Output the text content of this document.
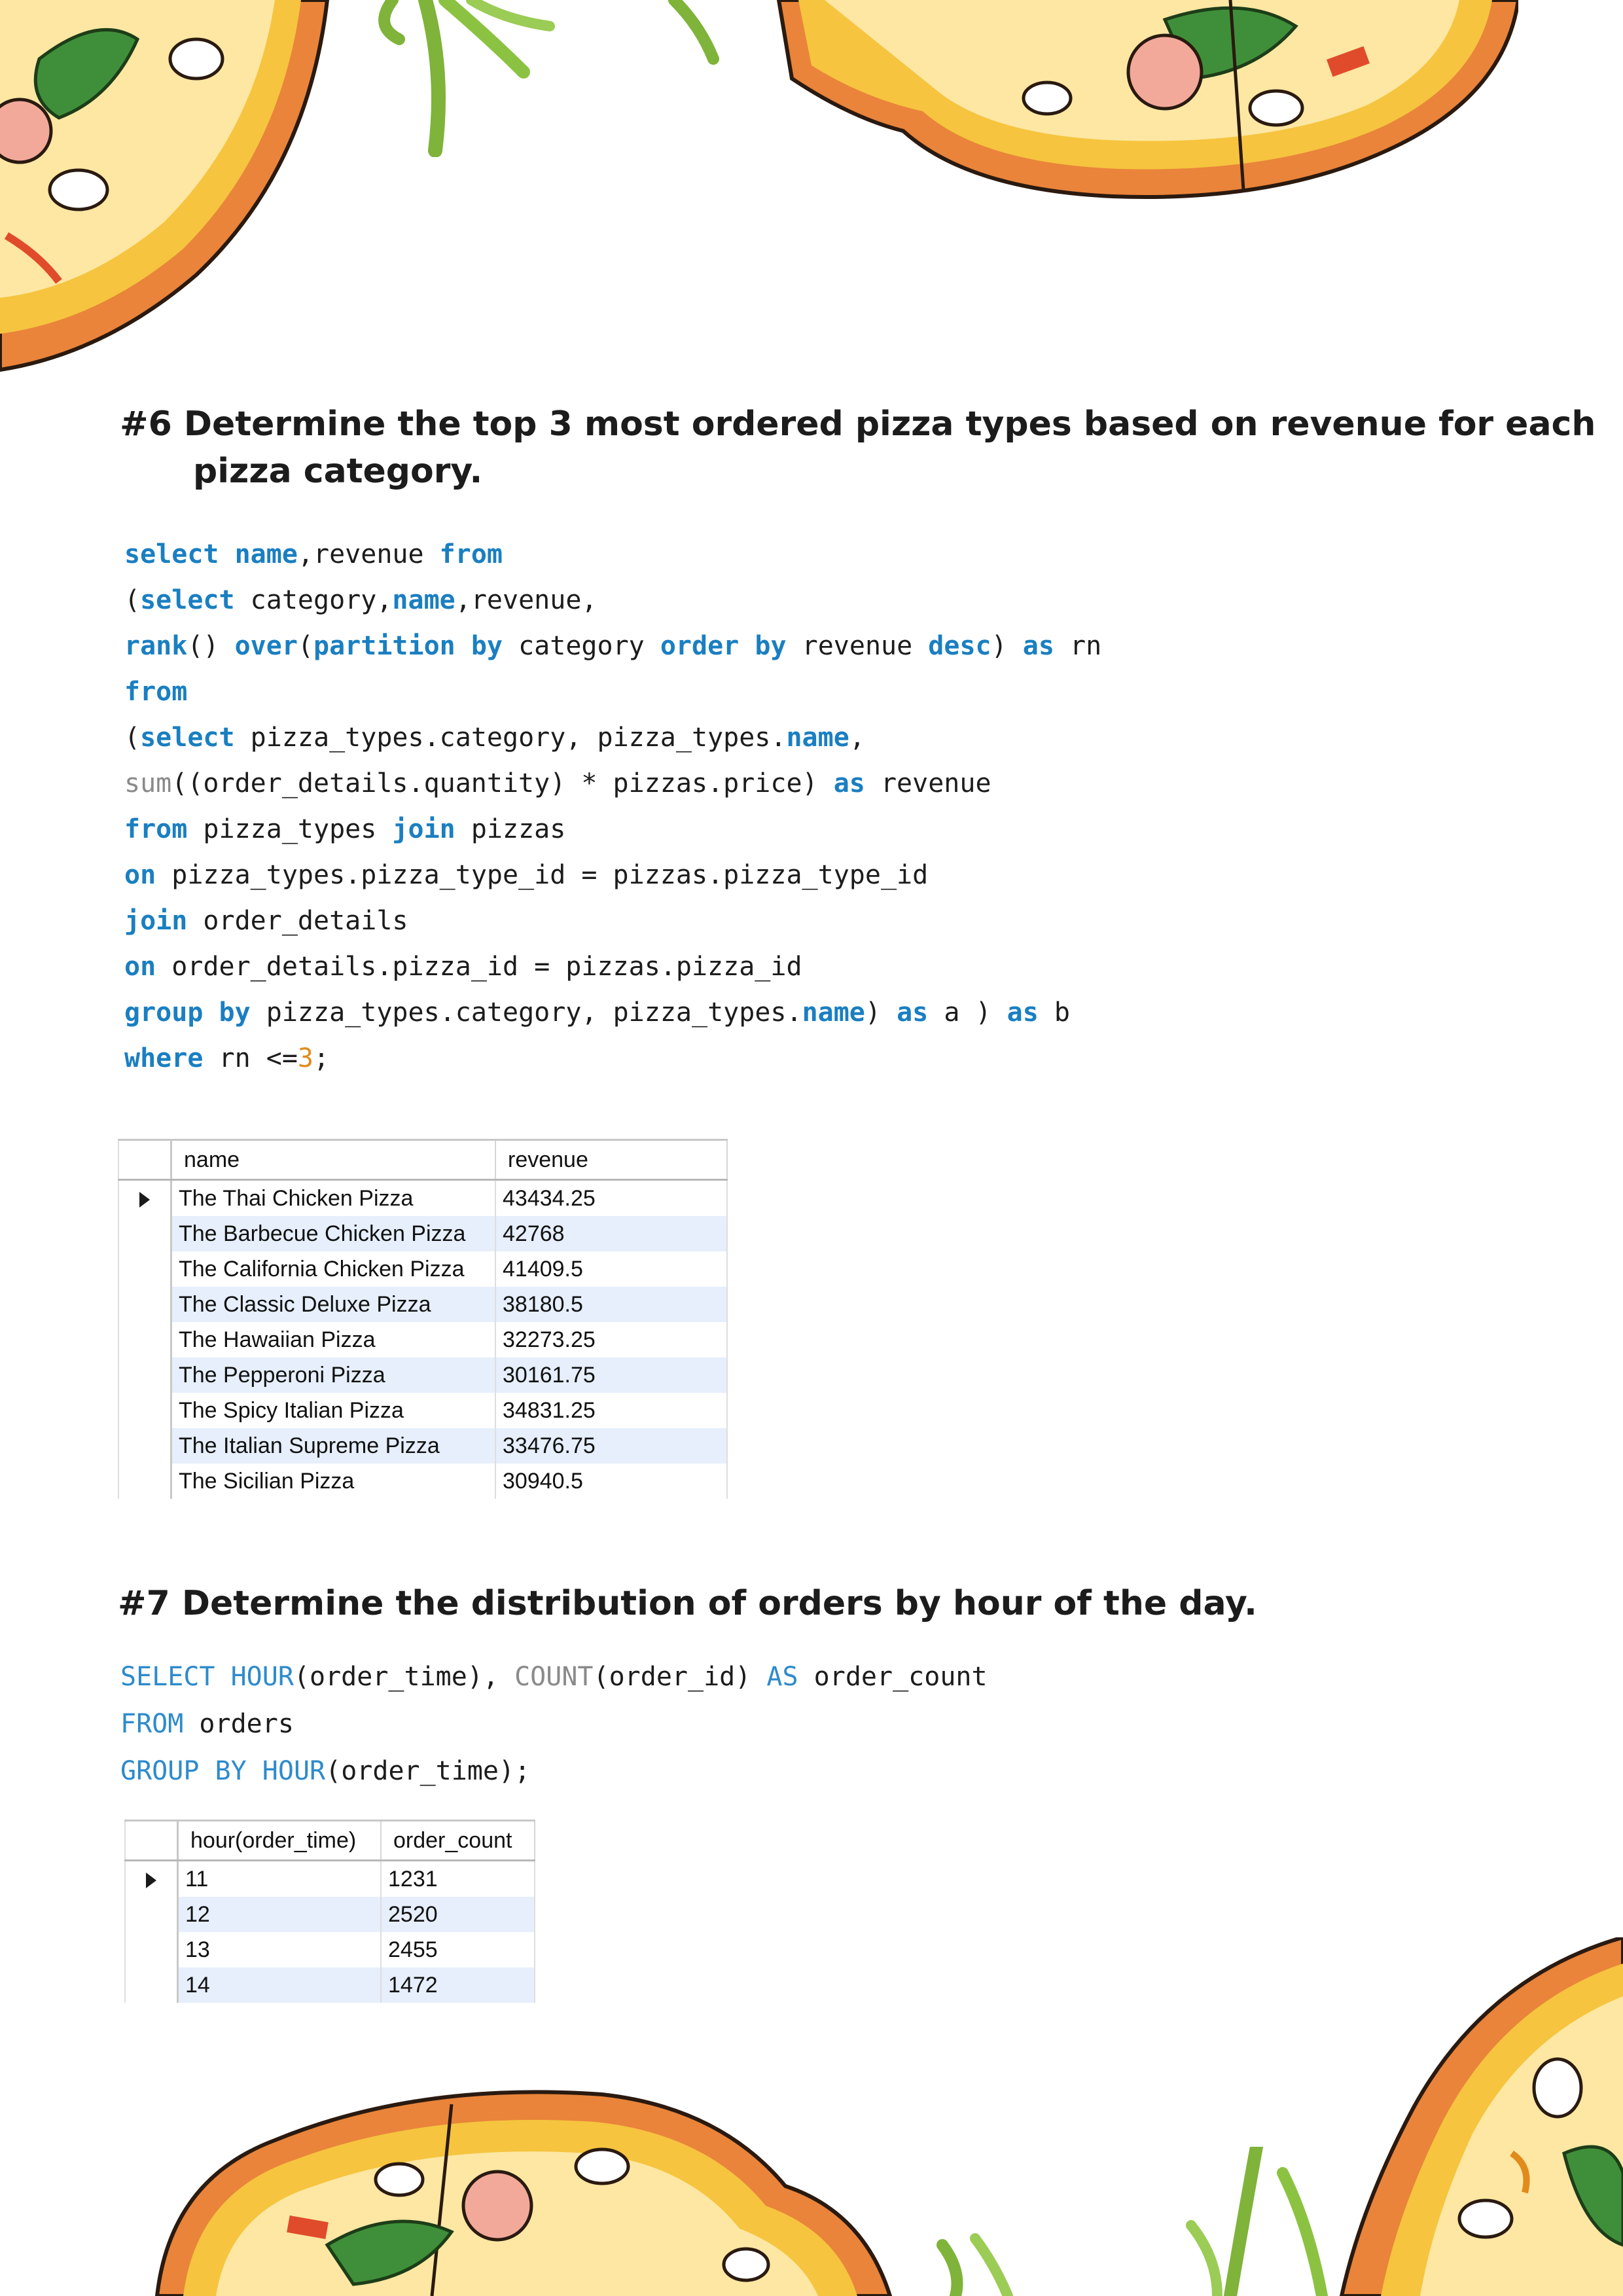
#6 Determine the top 3 most ordered pizza types based on revenue for each
pizza category.

select name,revenue from
(select category,name,revenue,
rank() over(partition by category order by revenue desc) as rn
from
(select pizza_types.category, pizza_types.name,
sum((order_details.quantity) * pizzas.price) as revenue
from pizza_types join pizzas
on pizza_types.pizza_type_id = pizzas.pizza_type_id
join order_details
on order_details.pizza_id = pizzas.pizza_id
group by pizza_types.category, pizza_types.name) as a ) as b
where rn <=3;
	name	revenue
	The Thai Chicken Pizza	43434.25
	The Barbecue Chicken Pizza	42768
	The California Chicken Pizza	41409.5
	The Classic Deluxe Pizza	38180.5
	The Hawaiian Pizza	32273.25
	The Pepperoni Pizza	30161.75
	The Spicy Italian Pizza	34831.25
	The Italian Supreme Pizza	33476.75
	The Sicilian Pizza	30940.5

#7 Determine the distribution of orders by hour of the day.

SELECT HOUR(order_time), COUNT(order_id) AS order_count
FROM orders
GROUP BY HOUR(order_time);
	hour(order_time)	order_count
	11	1231
	12	2520
	13	2455
	14	1472
